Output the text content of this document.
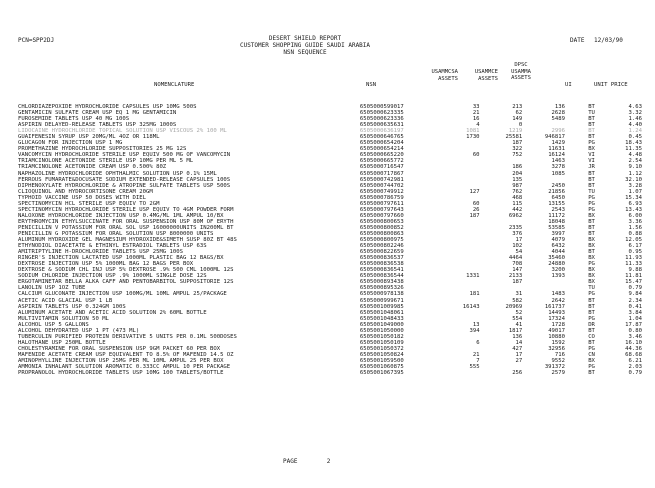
PCN=SPP2DJ	DESERT SHIELD REPORT
CUSTOMER SHOPPING GUIDE SAUDI ARABIA
NSN SEQUENCE
DATE 12/03/90
NOMENCLATURE	NSN
USAMMCSA
ASSETS
USAMMCE
ASSETS
DPSC
USAMMA
ASSETS
UI	UNIT PRICE
CHLORDIAZEPOXIDE HYDROCHLORIDE CAPSULES USP 10MG 500S	6505000599017	33	213	136	BT	4.63
GENTAMICIN SULFATE CREAM USP EQ 1 MG GENTAMICIN	6505000623335	21	62	2628	TU	3.32
FUROSEMIDE TABLETS USP 40 MG 100S	6505000623336	16	149	5489	BT	1.46
ASPIRIN DELAYED-RELEASE TABLETS USP 325MG 1000S	6505000635631	4	0		BT	4.40
LIDOCAINE HYDROCHLORIDE TOPICAL SOLUTION USP VISCOUS 2% 100 ML	6505000636197	1081	1219	2996	BT	1.24
GUAIFENESIN SYRUP USP 20MG/ML 4OZ OR 118ML	6505000646765	1730	25581	946817	BT	0.45
GLUCAGON FOR INJECTION USP 1 MG	6505000654204		187	1429	PG	18.43
PROMETHAZINE HYDROCHLORIDE SUPPOSITORIES 25 MG 12S	6505000654214		322	11631	BX	11.35
VANCOMYCIN HYDROCHLORIDE STERILE USP EQUIV 500 MG OF VANCOMYCIN	6505000665220	60	752	16124	VI	4.48
TRIAMCINOLONE ACETONIDE STERILE USP 10MG PER ML 5 ML	6505000665772			1463	VI	2.54
TRIAMCINOLONE ACETONIDE CREAM USP 0.500% 80Z	6505000716547		186	3278	JR	9.10
NAPHAZOLINE HYDROCHLORIDE OPHTHALMIC SOLUTION USP 0.1% 15ML	6505000717867		204	1085	BT	1.12
FERROUS FUMARATE&DOCUSATE SODIUM EXTENDED-RELEASE CAPSULES 100S	6505000742981		135		BT	32.10
DIPHENOXYLATE HYDROCHLORIDE & ATROPINE SULFATE TABLETS USP 500S	6505000744702		987	2450	BT	3.28
CLIOQUINOL AND HYDROCORTISONE CREAM 20GM	6505000749912	127	762	21856	TU	1.07
TYPHOID VACCINE USP 50 DOSES WITH DIEL	6505000786759		468	6450	PG	15.34
SPECTINOMYCIN HCL STERILE USP EQUIV TO 2GM	6505000797611	60	115	13155	PG	6.93
SPECTINOMYCIN HYDROCHLORIDE STERILE USP EQUIV TO 4GM POWDER FORM	6505000797643	26	442	2543	PG	13.43
NALOXONE HYDROCHLORIDE INJECTION USP 0.4MG/ML 1ML AMPUL 10/BX	6505000797660	187	6962	11172	BX	6.00
ERYTHROMYCIN ETHYLSUCCINATE FOR ORAL SUSPENSION USP 80M OF ERYTH	6505000800653			18048	BT	3.36
PENICILLIN V POTASSIUM FOR ORAL SOL USP 16000000UNITS IN200ML BT	6505000800852		2335	53585	BT	1.56
PENICILLIN G POTASSIUM FOR ORAL SOLUTION USP 8000000 UNITS	6505000800863		376	3997	BT	0.88
ALUMINUM HYDROXIDE GEL MAGNESIUM HYDROXIDE&SIMETH SUSP 80Z BT 48S	6505000800975		17	4079	BX	12.05
ETHYNODIOL DIACETATE & ETHINYL ESTRADIOL TABLETS USP 63S	6505000802246		102	6432	BX	6.17
AMITRIPTYLINE H-DROCHLORIDE TABLETS USP 25MG 100S	6505000822659		54	4044	BT	0.95
RINGER'S INJECTION LACTATED USP 1000ML PLASTIC BAG 12 BAGS/BX	6505000836537		4464	35460	BX	11.93
DEXTROSE INJECTION USP 5% 1000ML BAG 12 BAGS PER BOX	6505000836538		708	24880	PG	11.33
DEXTROSE & SODIUM CHL INJ USP 5% DEXTROSE .9% 500 CML 1000ML 12S	6505000836541		147	3200	BX	9.88
SODIUM CHLORIDE INJECTION USP .9% 1000ML SINGLE DOSE 12S	6505000836544	1331	2133	1393	BX	11.81
ERGOTAMINETAR BELLA ALKA CAFF AND PENTOBARBITOL SUPPOSITORIE 12S	6505000893438		187		BX	15.47
LANOLIN USP 1OZ TUBE	6505000895326				TU	0.79
CALCIUM GLUCONATE INJECTION USP 100MG/ML 10ML AMPUL 25/PACKAGE	6505000978138	181	31	1483	PG	9.84
ACETIC ACID GLACIAL USP 1 LB	6505000999671		582	2642	BT	2.34
ASPIRIN TABLETS USP 0.324GM 100S	6505001009985	16143	20969	161737	BT	0.41
ALUMINUM ACETATE AND ACETIC ACID SOLUTION 2% 60ML BOTTLE	6505001048061		52	14493	BT	3.84
MULTIVITAMIN SOLUTION 50 ML	6505001048433		554	17324	PG	1.04
ALCOHOL USP 5 GALLONS	6505001049000	13	41	1728	DR	17.87
ALCOHOL DEHYDRATED USP 1 PT (473 ML)	6505001050000	394	1817	49017	BT	0.80
TUBERCULIN PURIFIED PROTEIN DERIVATIVE 5 UNITS PER 0.1ML 500DOSES	6505001050182		136	10880	CO	3.46
HALOTHANE USP 250ML BOTTLE	6505001050109	6	14	1592	BT	16.10
CHOLESTYRAMINE FOR ORAL SUSPENSION USP 9GM PACKET 60 PER BOX	6505001050372		427	32956	PG	44.36
MAFENIDE ACETATE CREAM USP EQUIVALENT TO 8.5% OF MAFENID 14.5 OZ	6505001050824	21	17	716	CN	68.68
AMINOPHYLLINE INJECTION USP 25MG PER ML 10ML AMPUL 25 PER BOX	6505001059500	7	27	9552	BX	6.21
AMMONIA INHALANT SOLUTION AROMATIC 0.333CC AMPUL 10 PER PACKAGE	6505001060875	555		391372	PG	2.03
PROPRANOLOL HYDROCHLORIDE TABLETS USP 10MG 100 TABLETS/BOTTLE	6505001067395		256	2579	BT	0.79
PAGE	2
